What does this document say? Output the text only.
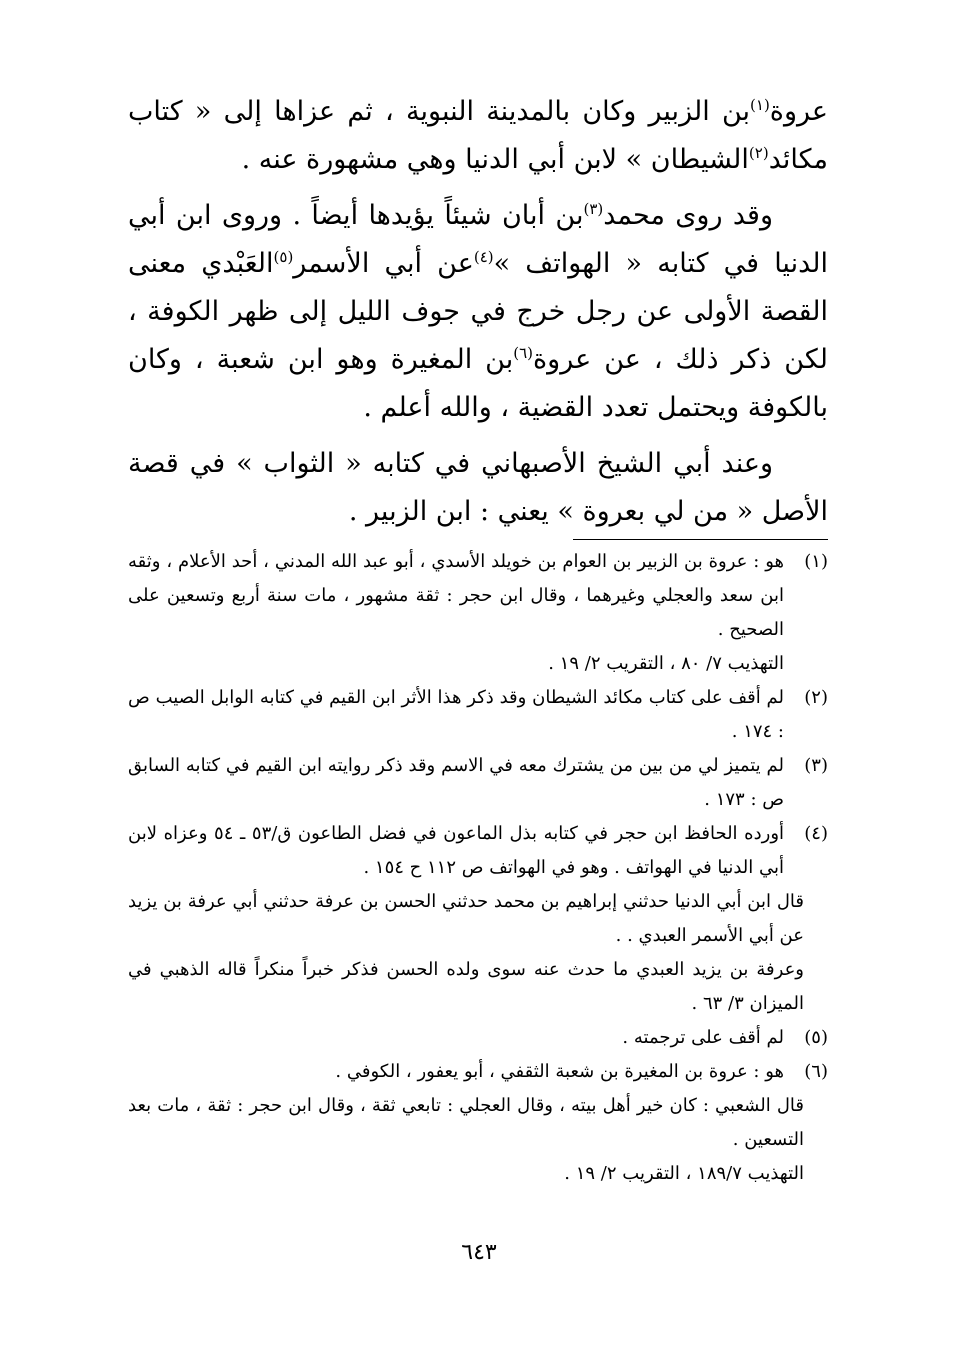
عروة$^{(١)}$بن الزبير وكان بالمدينة النبوية ، ثم عزاها إلى « كتاب مكائد$^{(٢)}$الشيطان » لابن أبي الدنيا وهي مشهورة عنه .

وقد روى محمد$^{(٣)}$بن أبان شيئاً يؤيدها أيضاً . وروى ابن أبي الدنيا في كتابه « الهواتف »$^{(٤)}$عن أبي الأسمر$^{(٥)}$العَبْدي معنى القصة الأولى عن رجل خرج في جوف الليل إلى ظهر الكوفة ، لكن ذكر ذلك ، عن عروة$^{(٦)}$بن المغيرة وهو ابن شعبة ، وكان بالكوفة ويحتمل تعدد القضية ، والله أعلم .

وعند أبي الشيخ الأصبهاني في كتابه « الثواب » في قصة الأصل « من لي بعروة » يعني : ابن الزبير .

(١)
هو : عروة بن الزبير بن العوام بن خويلد الأسدي ، أبو عبد الله المدني ، أحد الأعلام ، وثقه ابن سعد والعجلي وغيرهما ، وقال ابن حجر : ثقة مشهور ، مات سنة أربع وتسعين على الصحيح .
التهذيب ٧/ ٨٠ ، التقريب ٢/ ١٩ .
(٢)
لم أقف على كتاب مكائد الشيطان وقد ذكر هذا الأثر ابن القيم في كتابه الوابل الصيب ص : ١٧٤ .
(٣)
لم يتميز لي من بين من يشترك معه في الاسم وقد ذكر روايته ابن القيم في كتابه السابق ص : ١٧٣ .
(٤)
أورده الحافظ ابن حجر في كتابه بذل الماعون في فضل الطاعون ق/٥٣ ـ ٥٤ وعزاه لابن أبي الدنيا في الهواتف . وهو في الهواتف ص ١١٢ ح ١٥٤ .
قال ابن أبي الدنيا حدثني إبراهيم بن محمد حدثني الحسن بن عرفة حدثني أبي عرفة بن يزيد عن أبي الأسمر العبدي . .
وعرفة بن يزيد العبدي ما حدث عنه سوى ولده الحسن فذكر خبراً منكراً قاله الذهبي في الميزان ٣/ ٦٣ .
(٥)
لم أقف على ترجمته .
(٦)
هو : عروة بن المغيرة بن شعبة الثقفي ، أبو يعفور ، الكوفي .
قال الشعبي : كان خير أهل بيته ، وقال العجلي : تابعي ثقة ، وقال ابن حجر : ثقة ، مات بعد التسعين .
التهذيب ١٨٩/٧ ، التقريب ٢/ ١٩ .
٦٤٣
